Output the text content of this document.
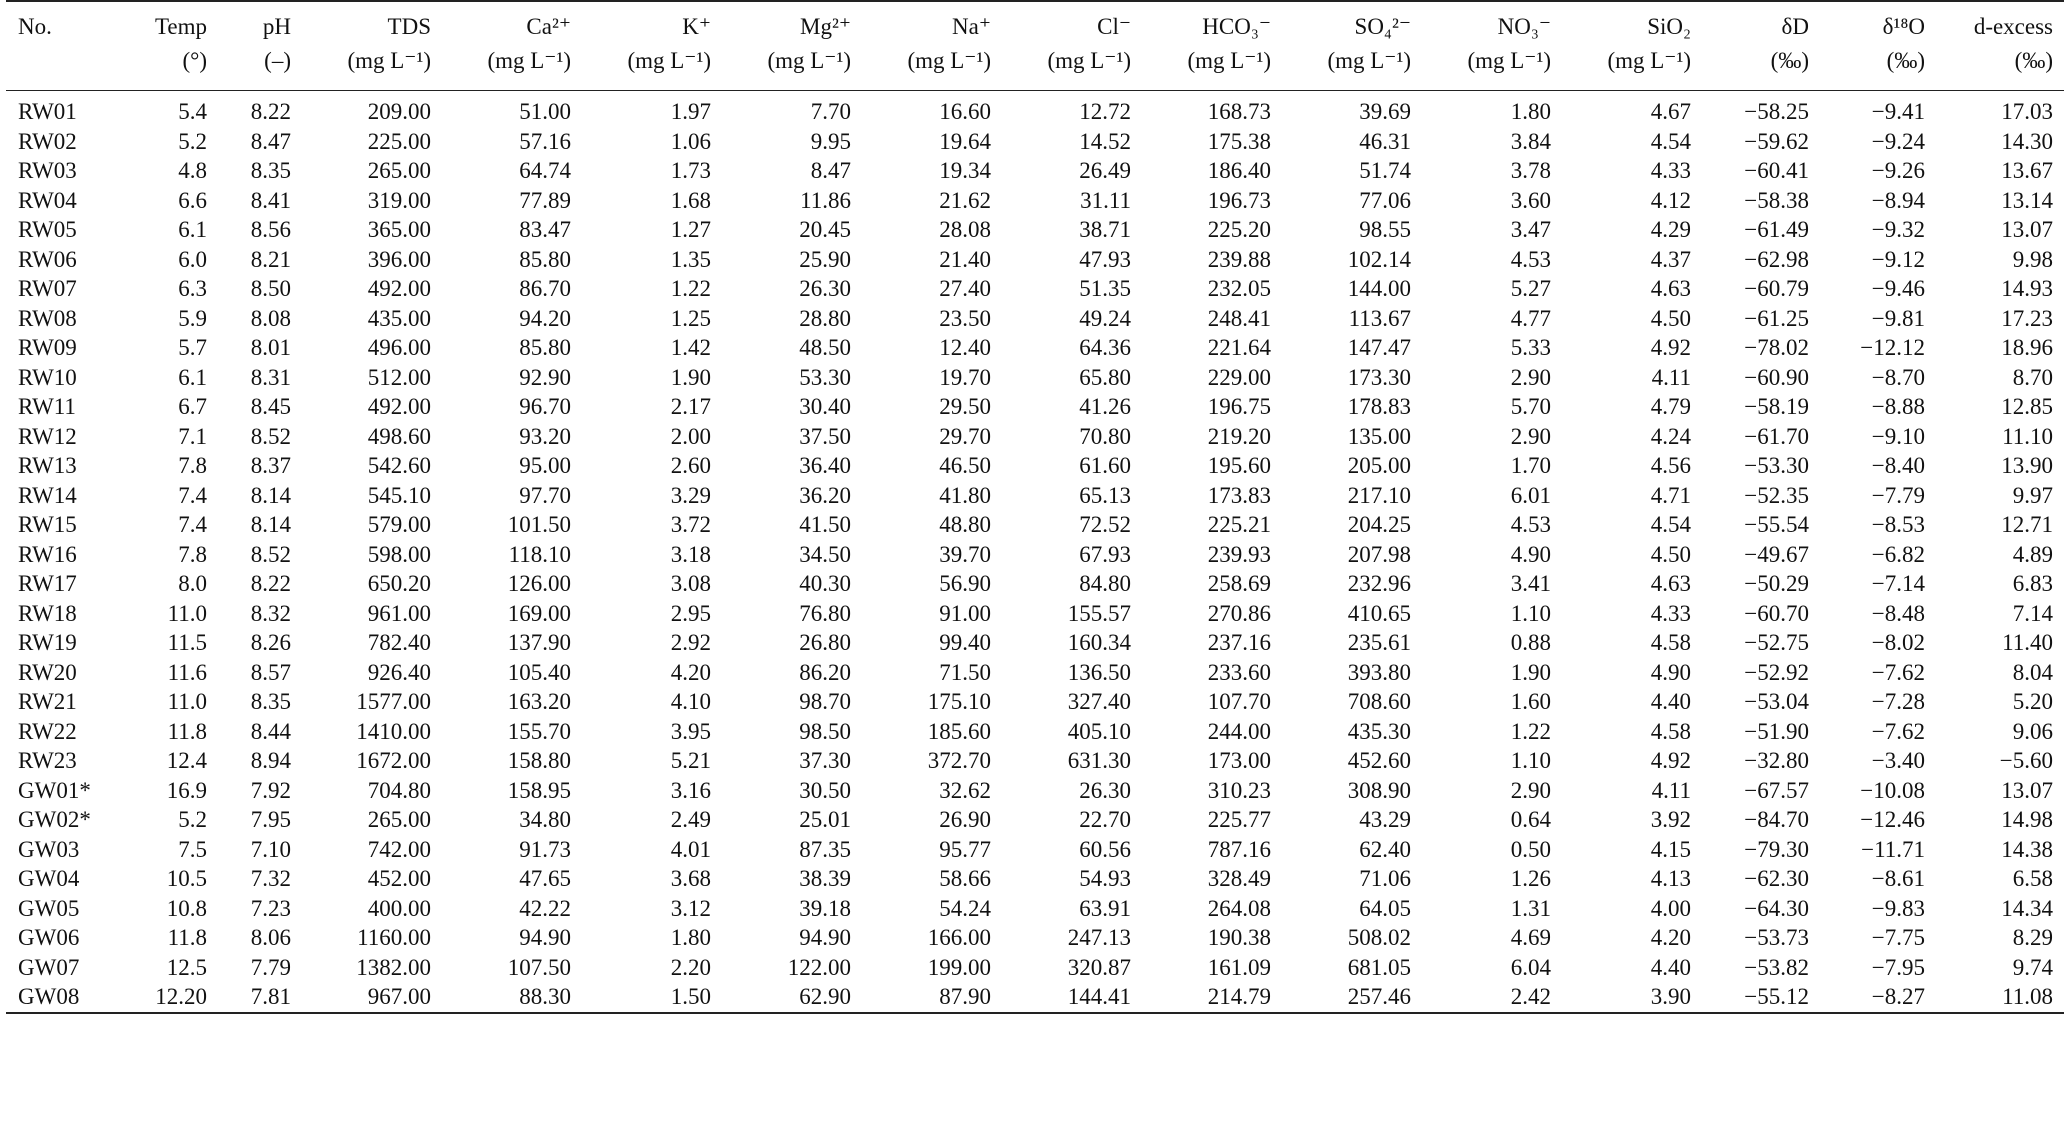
No.	Temp	pH	TDS	Ca²⁺	K⁺	Mg²⁺	Na⁺	Cl⁻	HCO₃⁻	SO₄²⁻	NO₃⁻	SiO₂	δD	δ¹⁸O	d-excess
	(°)	(–)	(mg L⁻¹)	(mg L⁻¹)	(mg L⁻¹)	(mg L⁻¹)	(mg L⁻¹)	(mg L⁻¹)	(mg L⁻¹)	(mg L⁻¹)	(mg L⁻¹)	(mg L⁻¹)	(‰)	(‰)	(‰)
RW01	5.4	8.22	209.00	51.00	1.97	7.70	16.60	12.72	168.73	39.69	1.80	4.67	−58.25	−9.41	17.03
RW02	5.2	8.47	225.00	57.16	1.06	9.95	19.64	14.52	175.38	46.31	3.84	4.54	−59.62	−9.24	14.30
RW03	4.8	8.35	265.00	64.74	1.73	8.47	19.34	26.49	186.40	51.74	3.78	4.33	−60.41	−9.26	13.67
RW04	6.6	8.41	319.00	77.89	1.68	11.86	21.62	31.11	196.73	77.06	3.60	4.12	−58.38	−8.94	13.14
RW05	6.1	8.56	365.00	83.47	1.27	20.45	28.08	38.71	225.20	98.55	3.47	4.29	−61.49	−9.32	13.07
RW06	6.0	8.21	396.00	85.80	1.35	25.90	21.40	47.93	239.88	102.14	4.53	4.37	−62.98	−9.12	9.98
RW07	6.3	8.50	492.00	86.70	1.22	26.30	27.40	51.35	232.05	144.00	5.27	4.63	−60.79	−9.46	14.93
RW08	5.9	8.08	435.00	94.20	1.25	28.80	23.50	49.24	248.41	113.67	4.77	4.50	−61.25	−9.81	17.23
RW09	5.7	8.01	496.00	85.80	1.42	48.50	12.40	64.36	221.64	147.47	5.33	4.92	−78.02	−12.12	18.96
RW10	6.1	8.31	512.00	92.90	1.90	53.30	19.70	65.80	229.00	173.30	2.90	4.11	−60.90	−8.70	8.70
RW11	6.7	8.45	492.00	96.70	2.17	30.40	29.50	41.26	196.75	178.83	5.70	4.79	−58.19	−8.88	12.85
RW12	7.1	8.52	498.60	93.20	2.00	37.50	29.70	70.80	219.20	135.00	2.90	4.24	−61.70	−9.10	11.10
RW13	7.8	8.37	542.60	95.00	2.60	36.40	46.50	61.60	195.60	205.00	1.70	4.56	−53.30	−8.40	13.90
RW14	7.4	8.14	545.10	97.70	3.29	36.20	41.80	65.13	173.83	217.10	6.01	4.71	−52.35	−7.79	9.97
RW15	7.4	8.14	579.00	101.50	3.72	41.50	48.80	72.52	225.21	204.25	4.53	4.54	−55.54	−8.53	12.71
RW16	7.8	8.52	598.00	118.10	3.18	34.50	39.70	67.93	239.93	207.98	4.90	4.50	−49.67	−6.82	4.89
RW17	8.0	8.22	650.20	126.00	3.08	40.30	56.90	84.80	258.69	232.96	3.41	4.63	−50.29	−7.14	6.83
RW18	11.0	8.32	961.00	169.00	2.95	76.80	91.00	155.57	270.86	410.65	1.10	4.33	−60.70	−8.48	7.14
RW19	11.5	8.26	782.40	137.90	2.92	26.80	99.40	160.34	237.16	235.61	0.88	4.58	−52.75	−8.02	11.40
RW20	11.6	8.57	926.40	105.40	4.20	86.20	71.50	136.50	233.60	393.80	1.90	4.90	−52.92	−7.62	8.04
RW21	11.0	8.35	1577.00	163.20	4.10	98.70	175.10	327.40	107.70	708.60	1.60	4.40	−53.04	−7.28	5.20
RW22	11.8	8.44	1410.00	155.70	3.95	98.50	185.60	405.10	244.00	435.30	1.22	4.58	−51.90	−7.62	9.06
RW23	12.4	8.94	1672.00	158.80	5.21	37.30	372.70	631.30	173.00	452.60	1.10	4.92	−32.80	−3.40	−5.60
GW01*	16.9	7.92	704.80	158.95	3.16	30.50	32.62	26.30	310.23	308.90	2.90	4.11	−67.57	−10.08	13.07
GW02*	5.2	7.95	265.00	34.80	2.49	25.01	26.90	22.70	225.77	43.29	0.64	3.92	−84.70	−12.46	14.98
GW03	7.5	7.10	742.00	91.73	4.01	87.35	95.77	60.56	787.16	62.40	0.50	4.15	−79.30	−11.71	14.38
GW04	10.5	7.32	452.00	47.65	3.68	38.39	58.66	54.93	328.49	71.06	1.26	4.13	−62.30	−8.61	6.58
GW05	10.8	7.23	400.00	42.22	3.12	39.18	54.24	63.91	264.08	64.05	1.31	4.00	−64.30	−9.83	14.34
GW06	11.8	8.06	1160.00	94.90	1.80	94.90	166.00	247.13	190.38	508.02	4.69	4.20	−53.73	−7.75	8.29
GW07	12.5	7.79	1382.00	107.50	2.20	122.00	199.00	320.87	161.09	681.05	6.04	4.40	−53.82	−7.95	9.74
GW08	12.20	7.81	967.00	88.30	1.50	62.90	87.90	144.41	214.79	257.46	2.42	3.90	−55.12	−8.27	11.08
